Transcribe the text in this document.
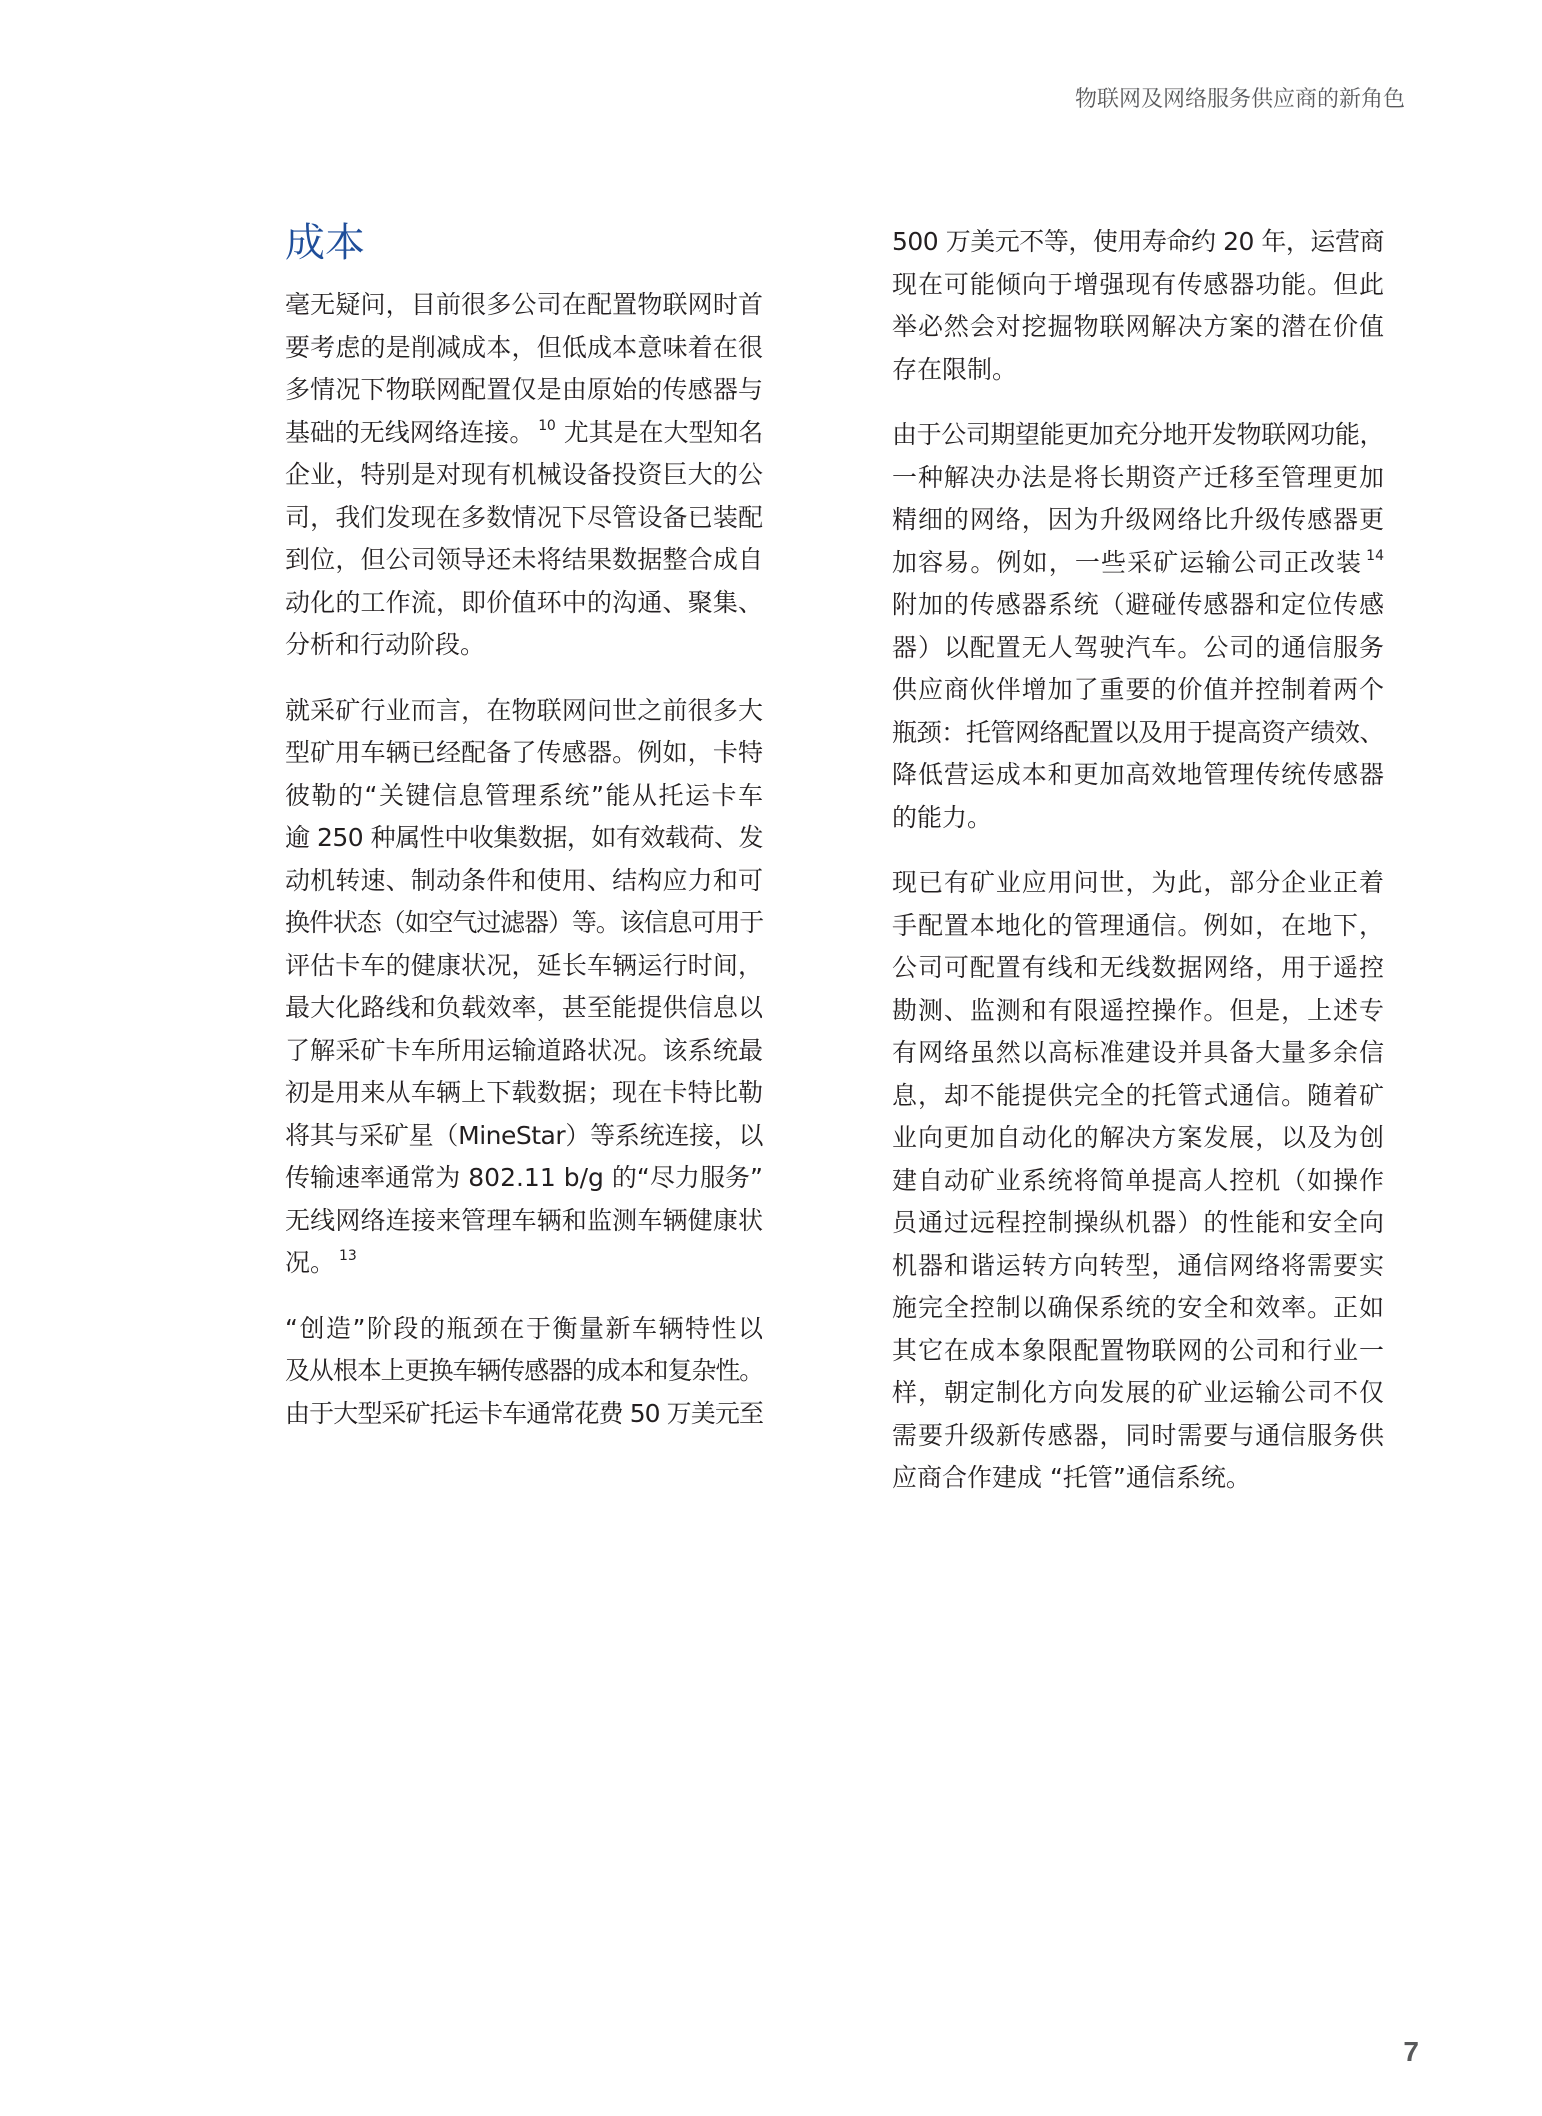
物联网及网络服务供应商的新角色
成本
毫无疑问，目前很多公司在配置物联网时首
要考虑的是削减成本，但低成本意味着在很
多情况下物联网配置仅是由原始的传感器与
基础的无线网络连接。 $^{10}$ 尤其是在大型知名
企业，特别是对现有机械设备投资巨大的公
司，我们发现在多数情况下尽管设备已装配
到位，但公司领导还未将结果数据整合成自
动化的工作流，即价值环中的沟通、聚集、
分析和行动阶段。
就采矿行业而言，在物联网问世之前很多大
型矿用车辆已经配备了传感器。例如，卡特
彼勒的“关键信息管理系统”能从托运卡车
逾 250 种属性中收集数据，如有效载荷、发
动机转速、制动条件和使用、结构应力和可
换件状态（如空气过滤器）等。该信息可用于
评估卡车的健康状况，延长车辆运行时间，
最大化路线和负载效率，甚至能提供信息以
了解采矿卡车所用运输道路状况。该系统最
初是用来从车辆上下载数据；现在卡特比勒
将其与采矿星（MineStar）等系统连接，以
传输速率通常为 802.11 b/g 的“尽力服务”
无线网络连接来管理车辆和监测车辆健康状
况。 $^{13}$
“创造”阶段的瓶颈在于衡量新车辆特性以
及从根本上更换车辆传感器的成本和复杂性。
由于大型采矿托运卡车通常花费 50 万美元至
500 万美元不等，使用寿命约 20 年，运营商
现在可能倾向于增强现有传感器功能。但此
举必然会对挖掘物联网解决方案的潜在价值
存在限制。
由于公司期望能更加充分地开发物联网功能，
一种解决办法是将长期资产迁移至管理更加
精细的网络，因为升级网络比升级传感器更
加容易。例如，一些采矿运输公司正改装 $^{14}$
附加的传感器系统（避碰传感器和定位传感
器）以配置无人驾驶汽车。公司的通信服务
供应商伙伴增加了重要的价值并控制着两个
瓶颈：托管网络配置以及用于提高资产绩效、
降低营运成本和更加高效地管理传统传感器
的能力。
现已有矿业应用问世，为此，部分企业正着
手配置本地化的管理通信。例如，在地下，
公司可配置有线和无线数据网络，用于遥控
勘测、监测和有限遥控操作。但是，上述专
有网络虽然以高标准建设并具备大量多余信
息，却不能提供完全的托管式通信。随着矿
业向更加自动化的解决方案发展，以及为创
建自动矿业系统将简单提高人控机（如操作
员通过远程控制操纵机器）的性能和安全向
机器和谐运转方向转型，通信网络将需要实
施完全控制以确保系统的安全和效率。正如
其它在成本象限配置物联网的公司和行业一
样，朝定制化方向发展的矿业运输公司不仅
需要升级新传感器，同时需要与通信服务供
应商合作建成 “托管”通信系统。
7
